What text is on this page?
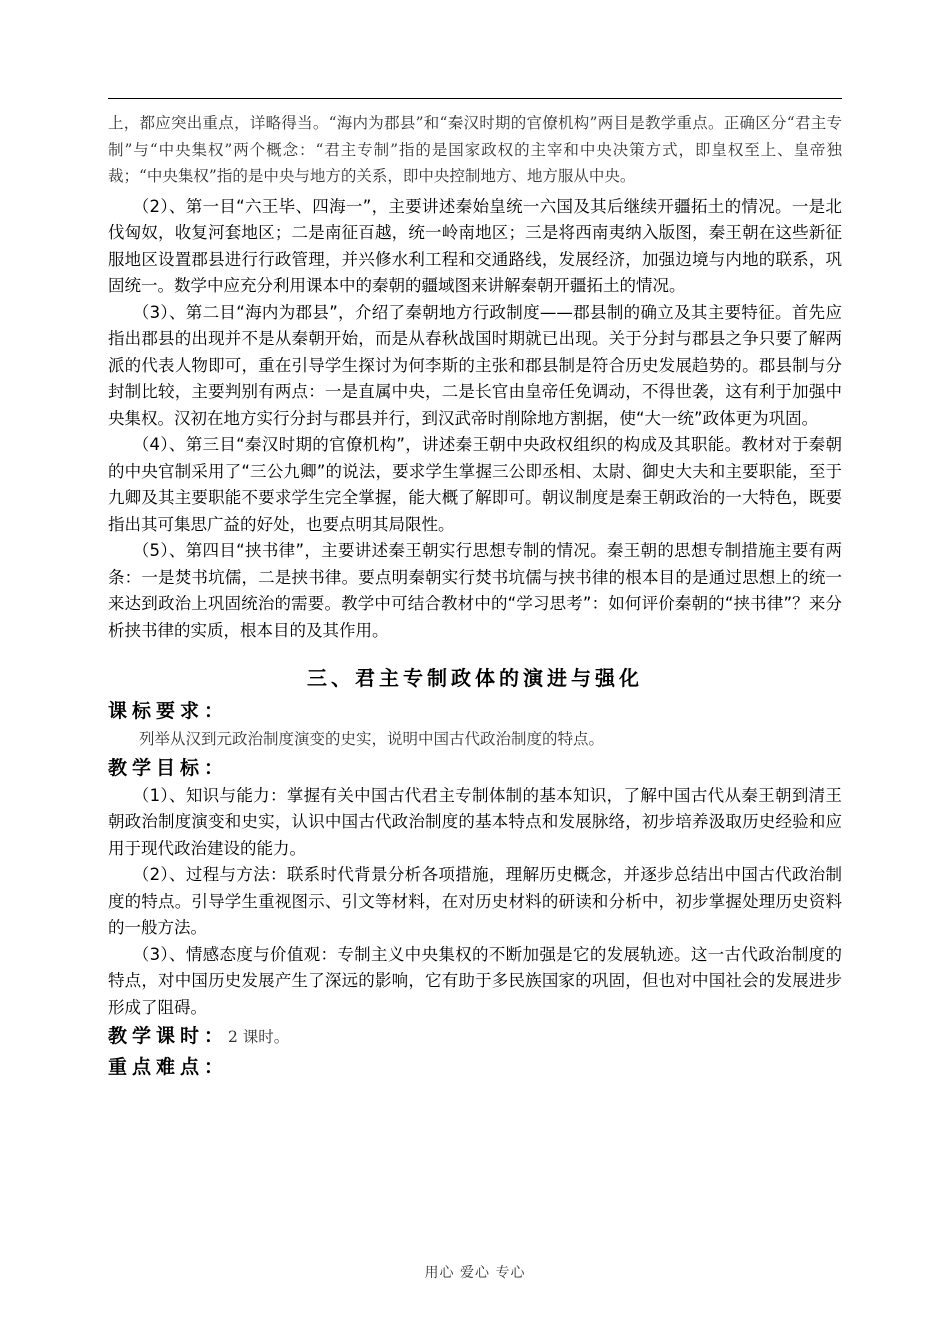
上，都应突出重点，详略得当。“海内为郡县”和“秦汉时期的官僚机构”两目是教学重点。正确区分“君主专制”与“中央集权”两个概念：“君主专制”指的是国家政权的主宰和中央决策方式，即皇权至上、皇帝独裁；“中央集权”指的是中央与地方的关系，即中央控制地方、地方服从中央。

（2）、第一目“六王毕、四海一”，主要讲述秦始皇统一六国及其后继续开疆拓土的情况。一是北伐匈奴，收复河套地区；二是南征百越，统一岭南地区；三是将西南夷纳入版图，秦王朝在这些新征服地区设置郡县进行行政管理，并兴修水利工程和交通路线，发展经济，加强边境与内地的联系，巩固统一。数学中应充分利用课本中的秦朝的疆域图来讲解秦朝开疆拓土的情况。

（3）、第二目“海内为郡县”，介绍了秦朝地方行政制度——郡县制的确立及其主要特征。首先应指出郡县的出现并不是从秦朝开始，而是从春秋战国时期就已出现。关于分封与郡县之争只要了解两派的代表人物即可，重在引导学生探讨为何李斯的主张和郡县制是符合历史发展趋势的。郡县制与分封制比较，主要判别有两点：一是直属中央，二是长官由皇帝任免调动，不得世袭，这有利于加强中央集权。汉初在地方实行分封与郡县并行，到汉武帝时削除地方割据，使“大一统”政体更为巩固。

（4）、第三目“秦汉时期的官僚机构”，讲述秦王朝中央政权组织的构成及其职能。教材对于秦朝的中央官制采用了“三公九卿”的说法，要求学生掌握三公即丞相、太尉、御史大夫和主要职能，至于九卿及其主要职能不要求学生完全掌握，能大概了解即可。朝议制度是秦王朝政治的一大特色，既要指出其可集思广益的好处，也要点明其局限性。

（5）、第四目“挟书律”，主要讲述秦王朝实行思想专制的情况。秦王朝的思想专制措施主要有两条：一是焚书坑儒，二是挟书律。要点明秦朝实行焚书坑儒与挟书律的根本目的是通过思想上的统一来达到政治上巩固统治的需要。教学中可结合教材中的“学习思考”：如何评价秦朝的“挟书律”？来分析挟书律的实质，根本目的及其作用。

三、君主专制政体的演进与强化

课标要求：

列举从汉到元政治制度演变的史实，说明中国古代政治制度的特点。

教学目标：

（1）、知识与能力：掌握有关中国古代君主专制体制的基本知识，了解中国古代从秦王朝到清王朝政治制度演变和史实，认识中国古代政治制度的基本特点和发展脉络，初步培养汲取历史经验和应用于现代政治建设的能力。

（2）、过程与方法：联系时代背景分析各项措施，理解历史概念，并逐步总结出中国古代政治制度的特点。引导学生重视图示、引文等材料，在对历史材料的研读和分析中，初步掌握处理历史资料的一般方法。

（3）、情感态度与价值观：专制主义中央集权的不断加强是它的发展轨迹。这一古代政治制度的特点，对中国历史发展产生了深远的影响，它有助于多民族国家的巩固，但也对中国社会的发展进步形成了阻碍。

教学课时：2 课时。

重点难点：

用心 爱心 专心
